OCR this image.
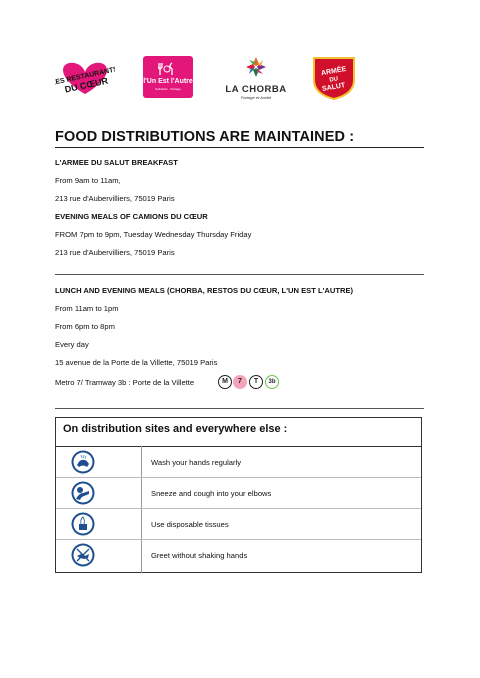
LES RESTAURANTS
DU CŒUR	l'Un Est l'Autre
Solidarité · Partage	LA CHORBA
Partage et Amitié
ARMÉE
DU
SALUT
FOOD DISTRIBUTIONS ARE MAINTAINED :
L'ARMEE DU SALUT BREAKFAST
From 9am to 11am,
213 rue d'Aubervilliers, 75019 Paris
EVENING MEALS OF CAMIONS DU CŒUR
FROM 7pm to 9pm, Tuesday Wednesday Thursday Friday
213 rue d'Aubervilliers, 75019 Paris
LUNCH AND EVENING MEALS (CHORBA, RESTOS DU CŒUR, L'UN EST L'AUTRE)
From 11am to 1pm
From 6pm to 8pm
Every day
15 avenue de la Porte de la Villette, 75019 Paris
Metro 7/ Tramway 3b : Porte de la Villette	M	7	T	3b
On distribution sites and everywhere else :
Wash your hands regularly
Sneeze and cough into your elbows
Use disposable tissues
Greet without shaking hands
